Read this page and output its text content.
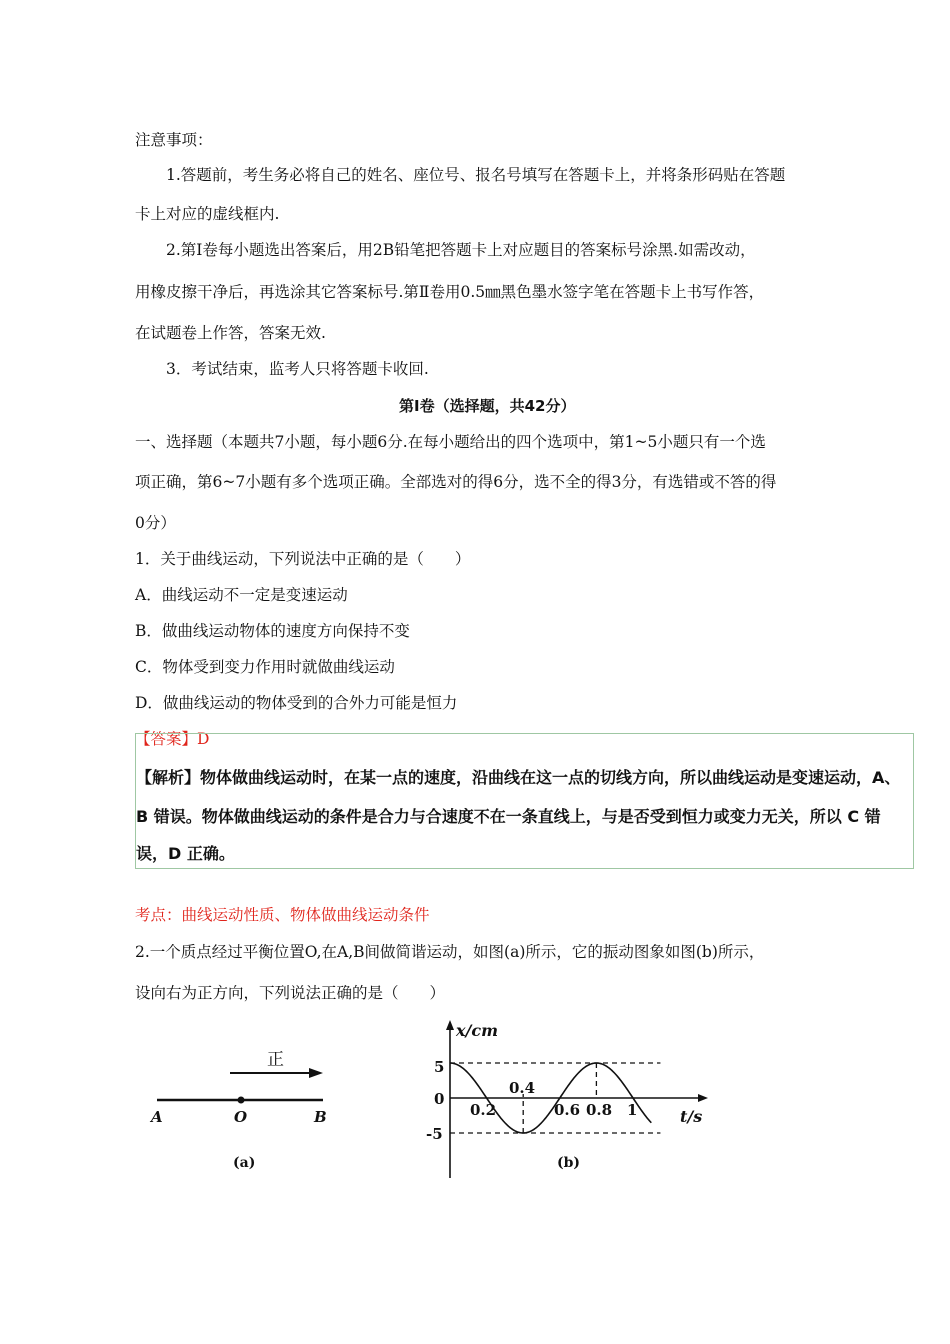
注意事项：
1.答题前，考生务必将自己的姓名、座位号、报名号填写在答题卡上，并将条形码贴在答题
卡上对应的虚线框内.
2.第Ⅰ卷每小题选出答案后，用2B铅笔把答题卡上对应题目的答案标号涂黑.如需改动，
用橡皮擦干净后，再选涂其它答案标号.第Ⅱ卷用0.5㎜黑色墨水签字笔在答题卡上书写作答，
在试题卷上作答，答案无效.
3．考试结束，监考人只将答题卡收回.
第Ⅰ卷（选择题，共42分）
一、选择题（本题共7小题，每小题6分.在每小题给出的四个选项中，第1~5小题只有一个选
项正确，第6~7小题有多个选项正确。全部选对的得6分，选不全的得3分，有选错或不答的得
0分）
1．关于曲线运动，下列说法中正确的是（　　）
A．曲线运动不一定是变速运动
B．做曲线运动物体的速度方向保持不变
C．物体受到变力作用时就做曲线运动
D．做曲线运动的物体受到的合外力可能是恒力
【答案】D
【解析】物体做曲线运动时，在某一点的速度，沿曲线在这一点的切线方向，所以曲线运动是变速运动，A、
B 错误。物体做曲线运动的条件是合力与合速度不在一条直线上，与是否受到恒力或变力无关，所以 C 错
误，D 正确。
考点：曲线运动性质、物体做曲线运动条件
2.一个质点经过平衡位置O,在A,B间做简谐运动，如图(a)所示，它的振动图象如图(b)所示，
设向右为正方向，下列说法正确的是（　　）
正
A	O	B
(a)
x/cm
t/s
5
0
-5
0.2
0.4
0.6 0.8 1
(b)
